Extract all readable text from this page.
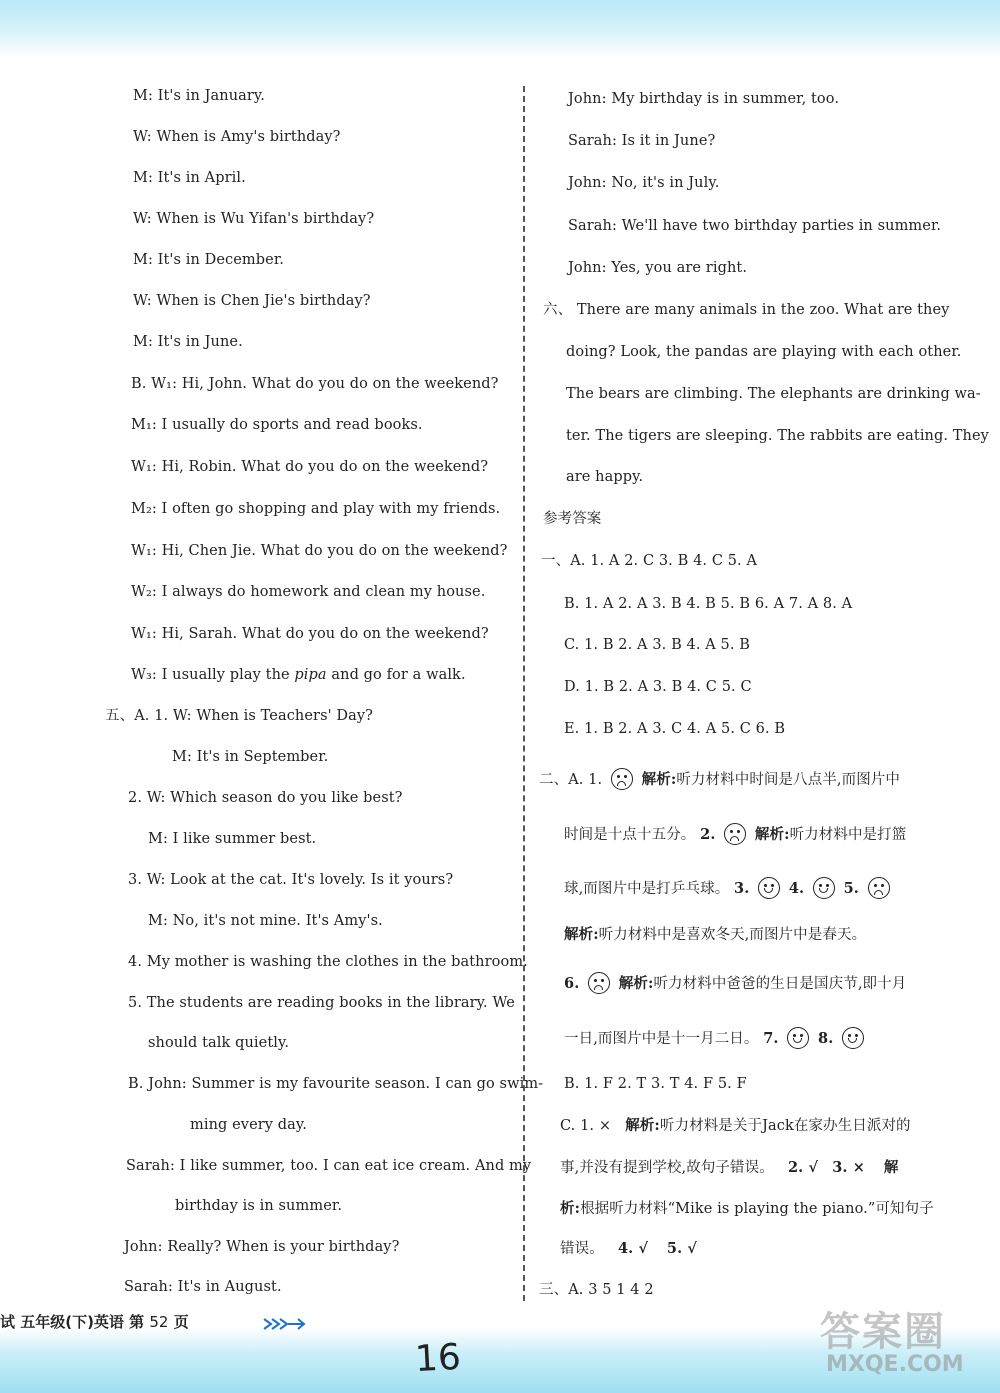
M: It's in January.
W: When is Amy's birthday?
M: It's in April.
W: When is Wu Yifan's birthday?
M: It's in December.
W: When is Chen Jie's birthday?
M: It's in June.
B. W₁: Hi, John. What do you do on the weekend?
M₁: I usually do sports and read books.
W₁: Hi, Robin. What do you do on the weekend?
M₂: I often go shopping and play with my friends.
W₁: Hi, Chen Jie. What do you do on the weekend?
W₂: I always do homework and clean my house.
W₁: Hi, Sarah. What do you do on the weekend?
W₃: I usually play the pipa and go for a walk.
五、A. 1. W: When is Teachers' Day?
M: It's in September.
2. W: Which season do you like best?
M: I like summer best.
3. W: Look at the cat. It's lovely. Is it yours?
M: No, it's not mine. It's Amy's.
4. My mother is washing the clothes in the bathroom.
5. The students are reading books in the library. We
should talk quietly.
B. John: Summer is my favourite season. I can go swim-
ming every day.
Sarah: I like summer, too. I can eat ice cream. And my
birthday is in summer.
John: Really? When is your birthday?
Sarah: It's in August.
John: My birthday is in summer, too.
Sarah: Is it in June?
John: No, it's in July.
Sarah: We'll have two birthday parties in summer.
John: Yes, you are right.
六、 There are many animals in the zoo. What are they
doing? Look, the pandas are playing with each other.
The bears are climbing. The elephants are drinking wa-
ter. The tigers are sleeping. The rabbits are eating. They
are happy.
参考答案
一、A. 1. A 2. C 3. B 4. C 5. A
B. 1. A 2. A 3. B 4. B 5. B 6. A 7. A 8. A
C. 1. B 2. A 3. B 4. A 5. B
D. 1. B 2. A 3. B 4. C 5. C
E. 1. B 2. A 3. C 4. A 5. C 6. B
B. 1. F 2. T 3. T 4. F 5. F
三、A. 3 5 1 4 2
二、A. 1.	解析:听力材料中时间是八点半,而图片中
时间是十点十五分。 2.	解析:听力材料中是打篮
球,而图片中是打乒乓球。 3.	4.	5.
解析:听力材料中是喜欢冬天,而图片中是春天。
6.	解析:听力材料中爸爸的生日是国庆节,即十月
一日,而图片中是十一月二日。 7.	8.
C. 1. × 解析:听力材料是关于Jack在家办生日派对的
事,并没有提到学校,故句子错误。 2. √ 3. × 解
析:根据听力材料“Mike is playing the piano.”可知句子
错误。 4. √ 5. √
试 五年级(下)英语 第 52 页
16
答案圈
MXQE.COM
